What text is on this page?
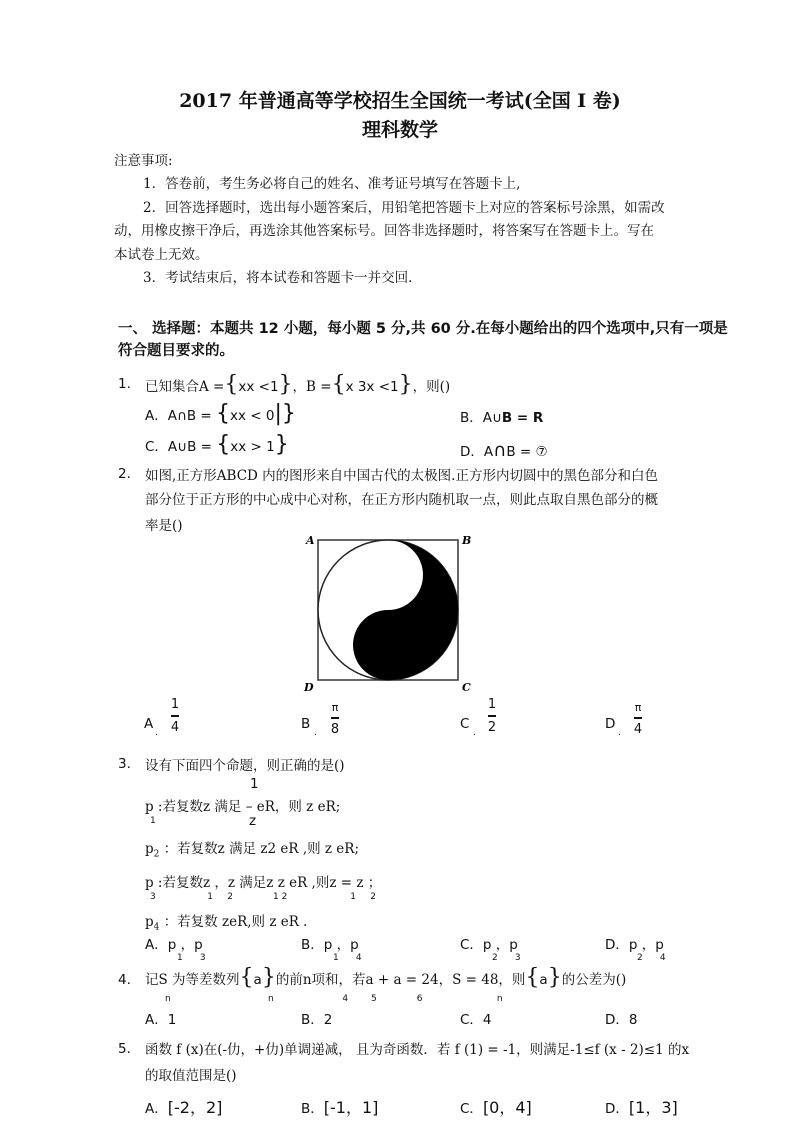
2017 年普通高等学校招生全国统一考试(全国 I 卷)
理科数学
注意事项:
1．答卷前，考生务必将自己的姓名、准考证号填写在答题卡上,
2．回答选择题时，选出每小题答案后，用铅笔把答题卡上对应的答案标号涂黑，如需改
动，用橡皮擦干净后，再选涂其他答案标号。回答非选择题时，将答案写在答题卡上。写在
本试卷上无效。
3．考试结束后，将本试卷和答题卡一并交回.
一、 选择题：本题共 12 小题，每小题 5 分,共 60 分.在每小题给出的四个选项中,只有一项是
符合题目要求的。
1. 已知集合A ={xx <1}，B ={x 3x <1}，则()
A．A∩B = {xx < 0|}	B．A∪B = R
C．A∪B = {xx > 1}	D．A∩B = ⑦
2. 如图,正方形ABCD 内的图形来自中国古代的太极图.正方形内切圆中的黑色部分和白色
部分位于正方形的中心成中心对称，在正方形内随机取一点，则此点取自黑色部分的概
率是()
A	B
D	C
A
.
1
4	B
.
π
8	C
.
1
2	D
.
π
4
3. 设有下面四个命题，则正确的是()
1
z
p :若复数z 满足 – eR，则 z eR;
1
$p_2$ ：若复数z 满足 z2 eR ,则 z eR;
p :若复数z ，z 满足z z eR ,则z = z ；
3                  1     2              1 2                      1     2
$p_4$ ：若复数 zeR,则 z eR .
A．p ，p
1      3
B．p ，p
1      4
C．p ，p
2      3
D．p ，p
2      4
4. 记S 为等差数列{a}的前n项和，若a + a = 24，S = 48，则{a}的公差为()
n                                  n                        4        5              6                          n
A．1	B．2	C．4	D．8
5. 函数 f (x)在(-仂，+仂)单调递减， 且为奇函数．若 f (1) = -1，则满足-1≤f (x - 2)≤1 的x
的取值范围是()
A．[-2，2]	B．[-1，1]	C．[0，4]	D．[1，3]
